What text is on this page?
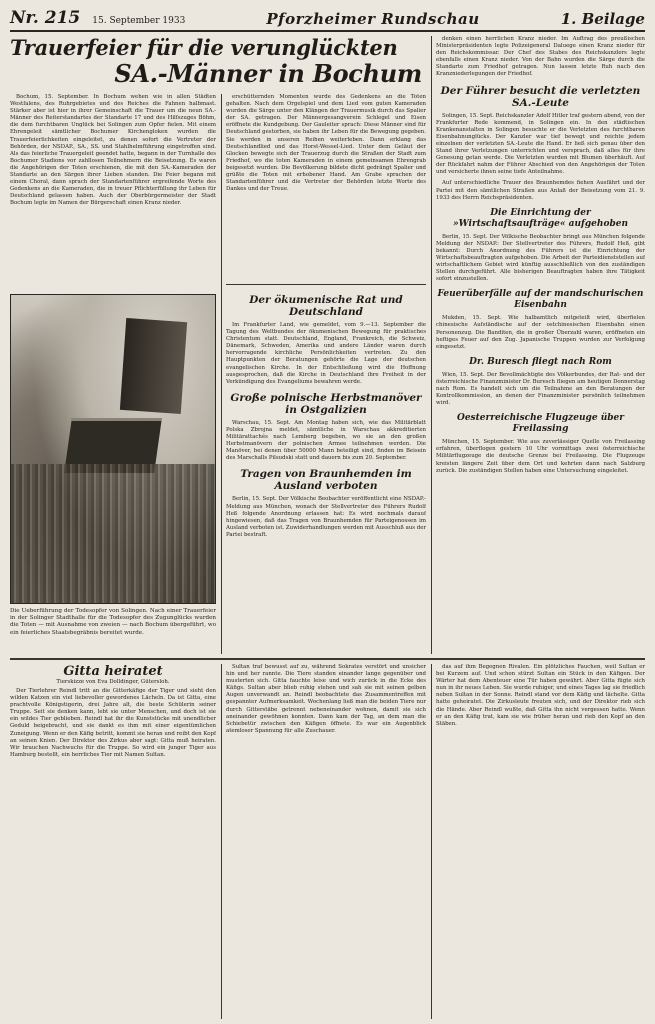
Nr. 215 15. September 1933	Pforzheimer Rundschau	1. Beilage
Trauerfeier für die verunglückten
SA.-Männer in Bochum

Bochum, 15. September. In Bochum wehen wie in allen Städten Westfalens, des Ruhrgebietes und des Reiches die Fahnen halbmast. Stärker aber ist hier in ihrer Gemeinschaft die Trauer um die neun SA.-Männer des Reiterstandartes der Standarte 17 und des Hilfszuges Böhm, die dem furchtbaren Unglück bei Solingen zum Opfer fielen. Mit einem Ehrengeleit sämtlicher Bochumer Kirchengloken wurden die Trauerfeierlichkeiten eingeleitet, zu denen sofort die Vertreter der Behörden, der NSDAP., SA., SS. und Stahlhelmführung eingetroffen sind. Als das feierliche Trauergeleit geendet hatte, begann in der Turnhalle des Bochumer Stadions vor zahllosen Teilnehmern die Beisetzung. Es waren die Angehörigen der Toten erschienen, die mit den SA.-Kameraden der Standarte an den Särgen ihrer Lieben standen. Die Feier begann mit einem Choral, dann sprach der Standartenführer ergreifende Worte des Gedenkens an die Kameraden, die in treuer Pflichterfüllung ihr Leben für Deutschland gelassen haben. Auch der Oberbürgermeister der Stadt Bochum legte im Namen der Bürgerschaft einen Kranz nieder.

Die Ueberführung der Todesopfer von Solingen. Nach einer Trauerfeier in der Solinger Stadthalle für die Todesopfer des Zugunglücks wurden die Toten — mit Ausnahme von zweien — nach Bochum übergeführt, wo ein feierliches Staatsbegräbnis bereitet wurde.

erschütternden Momenten wurde des Gedenkens an die Toten gehalten. Nach dem Orgelspiel und dem Lied vom guten Kameraden wurden die Särge unter den Klängen der Trauermusik durch das Spalier der SA. getragen. Der Männergesangverein Schlegel und Eisen eröffnete die Kundgebung. Der Gauleiter sprach: Diese Männer sind für Deutschland gestorben, sie haben ihr Leben für die Bewegung gegeben. Sie werden in unseren Reihen weiterleben. Dann erklang das Deutschlandlied und das Horst-Wessel-Lied. Unter dem Geläut der Glocken bewegte sich der Trauerzug durch die Straßen der Stadt zum Friedhof, wo die toten Kameraden in einem gemeinsamen Ehrengrab beigesetzt wurden. Die Bevölkerung bildete dicht gedrängt Spalier und grüßte die Toten mit erhobener Hand. Am Grabe sprachen der Standartenführer und die Vertreter der Behörden letzte Worte des Dankes und der Treue.

Der ökumenische Rat und Deutschland

Im Frankfurter Land, wie gemeldet, vom 9.—13. September die Tagung des Weltbundes der ökumenischen Bewegung für praktisches Christentum statt. Deutschland, England, Frankreich, die Schweiz, Dänemark, Schweden, Amerika und andere Länder waren durch hervorragende kirchliche Persönlichkeiten vertreten. Zu den Hauptpunkten der Beratungen gehörte die Lage der deutschen evangelischen Kirche. In der Entschließung wird die Hoffnung ausgesprochen, daß die Kirche in Deutschland ihre Freiheit in der Verkündigung des Evangeliums bewahren werde.

Große polnische Herbstmanöver in Ostgalizien

Warschau, 15. Sept. Am Montag haben sich, wie das Militärblatt Polska Zbrojna meldet, sämtliche in Warschau akkreditierten Militärattachés nach Lemberg begeben, wo sie an den großen Herbstmanövern der polnischen Armee teilnehmen werden. Die Manöver, bei denen über 50000 Mann beteiligt sind, finden im Beisein des Marschalls Pilsudski statt und dauern bis zum 20. September.

Tragen von Braunhemden im Ausland verboten

Berlin, 15. Sept. Der Völkische Beobachter veröffentlicht eine NSDAP.-Meldung aus München, wonach der Stellvertreter des Führers Rudolf Heß folgende Anordnung erlassen hat: Es wird nochmals darauf hingewiesen, daß das Tragen von Braunhemden für Parteigenossen im Ausland verboten ist. Zuwiderhandlungen werden mit Ausschluß aus der Partei bestraft.

denken einen herrlichen Kranz nieder. Im Auftrag des preußischen Ministerpräsidenten legte Polizeigeneral Daluege einen Kranz nieder für den Reichskommissar. Der Chef des Stabes des Reichskanzlers legte ebenfalls einen Kranz nieder. Von der Bahn wurden die Särge durch die Standarte zum Friedhof getragen. Nun lassen letzte Ruh nach den Kranzniederlegungen der Friedhof.

Der Führer besucht die verletzten SA.-Leute

Solingen, 15. Sept. Reichskanzler Adolf Hitler traf gestern abend, von der Frankfurter Rede kommend, in Solingen ein. In den städtischen Krankenanstalten in Solingen besuchte er die Verletzten des furchtbaren Eisenbahnunglücks. Der Kanzler war tief bewegt und reichte jedem einzelnen der verletzten SA.-Leute die Hand. Er ließ sich genau über den Stand ihrer Verletzungen unterrichten und versprach, daß alles für ihre Genesung getan werde. Die Verletzten wurden mit Blumen überhäuft. Auf der Rückfahrt nahm der Führer Abschied von den Angehörigen der Toten und versicherte ihnen seine tiefe Anteilnahme.

Auf unterschiedliche Trauer des Braunhemdes fiehen Ausfährt und der Partei mit den sämtlichen Straßen aus Anlaß der Beisetzung vom 21. 9. 1933 des Herrn Reichspräsidenten.

Die Einrichtung der »Wirtschaftsaufträge« aufgehoben

Berlin, 15. Sept. Der Völkische Beobachter bringt aus München folgende Meldung der NSDAP.: Der Stellvertreter des Führers, Rudolf Heß, gibt bekannt: Durch Anordnung des Führers ist die Einrichtung der Wirtschaftsbeauftragten aufgehoben. Die Arbeit der Parteidienststellen auf wirtschaftlichem Gebiet wird künftig ausschließlich von den zuständigen Stellen durchgeführt. Alle bisherigen Beauftragten haben ihre Tätigkeit sofort einzustellen.

Feuerüberfälle auf der mandschurischen Eisenbahn

Mukden, 15. Sept. Wie halbamtlich mitgeteilt wird, überfielen chinesische Aufständische auf der ostchinesischen Eisenbahn einen Personenzug. Die Banditen, die in großer Überzahl waren, eröffneten ein heftiges Feuer auf den Zug. Japanische Truppen wurden zur Verfolgung eingesetzt.

Dr. Buresch fliegt nach Rom

Wien, 15. Sept. Der Bevollmächtigte des Völkerbundes, der Rat- und der österreichische Finanzminister Dr. Buresch fliegen am heutigen Donnerstag nach Rom. Es handelt sich um die Teilnahme an den Beratungen der Kontrollkommission, an denen der Finanzminister persönlich teilnehmen wird.

Oesterreichische Flugzeuge über Freilassing

München, 15. September. Wie aus zuverlässiger Quelle von Freilassing erfahren, überflogen gestern 10 Uhr vormittags zwei österreichische Militärflugzeuge die deutsche Grenze bei Freilassing. Die Flugzeuge kreisten längere Zeit über dem Ort und kehrten dann nach Salzburg zurück. Die zuständigen Stellen haben eine Untersuchung eingeleitet.

Gitta heiratet
Tierskizze von Eva Dolldinger, Gütersloh.

Der Tierlehrer Reindl tritt an die Gitterkäfige der Tiger und sieht den wilden Katzen ein viel liebevoller gewordenes Lächeln. Da ist Gitta, eine prachtvolle Königstigerin, drei Jahre alt, die beste Schülerin seiner Truppe. Seit sie denken kann, lebt sie unter Menschen, und doch ist sie ein wildes Tier geblieben. Reindl hat ihr die Kunststücke mit unendlicher Geduld beigebracht, und sie dankt es ihm mit einer eigentümlichen Zuneigung. Wenn er den Käfig betritt, kommt sie heran und reibt den Kopf an seinen Knien. Der Direktor des Zirkus aber sagt: Gitta muß heiraten. Wir brauchen Nachwuchs für die Truppe. So wird ein junger Tiger aus Hamburg bestellt, ein herrliches Tier mit Namen Sultan.

Sultan traf bewusst auf zu, während Sokrates verstört und unsicher hin und her rannte. Die Tiere standen einander lange gegenüber und musterten sich. Gitta fauchte leise und wich zurück in die Ecke des Käfigs. Sultan aber blieb ruhig stehen und sah sie mit seinen gelben Augen unverwandt an. Reindl beobachtete das Zusammentreffen mit gespannter Aufmerksamkeit. Wochenlang ließ man die beiden Tiere nur durch Gitterstäbe getrennt nebeneinander wohnen, damit sie sich aneinander gewöhnen konnten. Dann kam der Tag, an dem man die Schiebetür zwischen den Käfigen öffnete. Es war ein Augenblick atemloser Spannung für alle Zuschauer.

das auf ihm Begegnen Rivalen. Ein plötzliches Fauchen, weil Sultan er bei Kurzem auf. Und schon stürzt Sultan ein Stück in den Käfigen. Der Wärter hat dem Abenteuer eine Tür haben gewährt. Aber Gitta fügte sich nun in ihr neues Leben. Sie wurde ruhiger, und eines Tages lag sie friedlich neben Sultan in der Sonne. Reindl stand vor dem Käfig und lächelte. Gitta hatte geheiratet. Die Zirkusleute freuten sich, und der Direktor rieb sich die Hände. Aber Reindl wußte, daß Gitta ihn nicht vergessen hatte. Wenn er an den Käfig trat, kam sie wie früher heran und rieb den Kopf an den Stäben.
